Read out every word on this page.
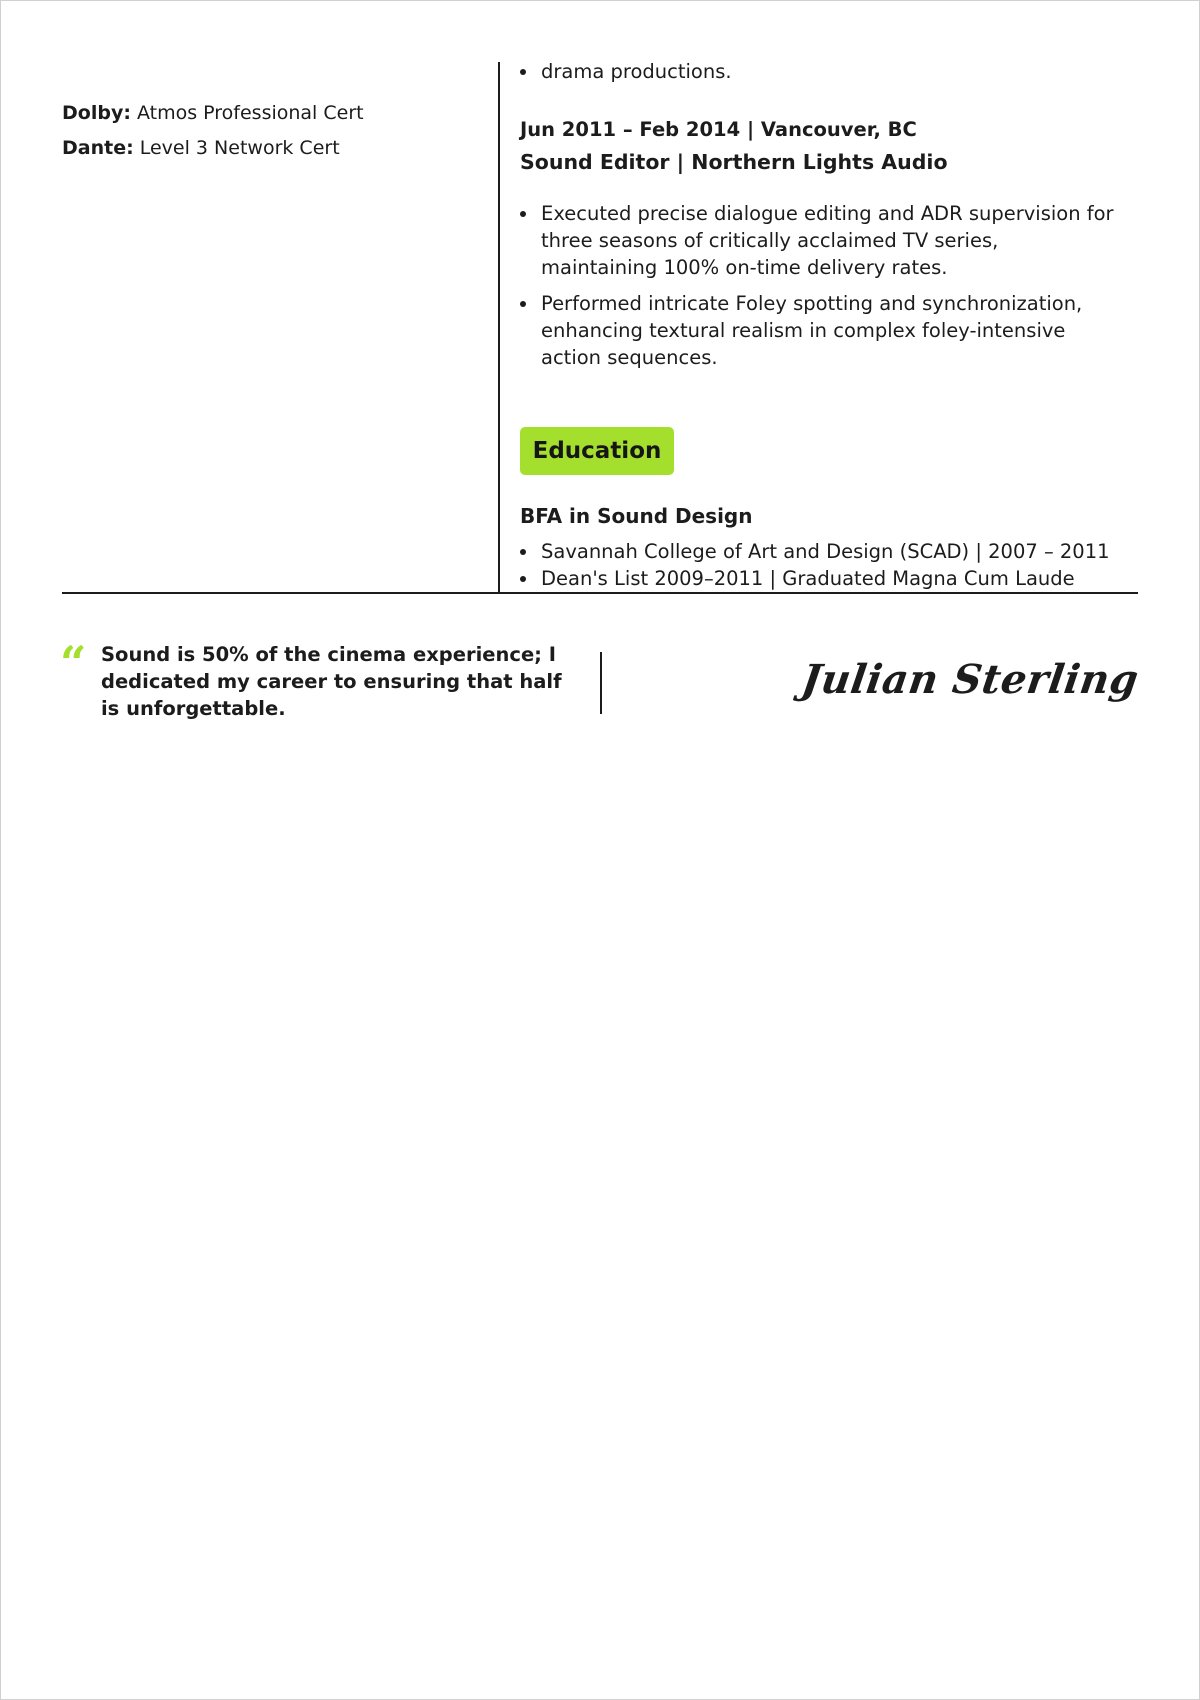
Dolby: Atmos Professional Cert
Dante: Level 3 Network Cert
drama productions.
Jun 2011 – Feb 2014 | Vancouver, BC
Sound Editor | Northern Lights Audio
Executed precise dialogue editing and ADR supervision for three seasons of critically acclaimed TV series, maintaining 100% on-time delivery rates.
Performed intricate Foley spotting and synchronization, enhancing textural realism in complex foley-intensive action sequences.
Education
BFA in Sound Design
Savannah College of Art and Design (SCAD) | 2007 – 2011
Dean's List 2009–2011 | Graduated Magna Cum Laude
“ Sound is 50% of the cinema experience; I dedicated my career to ensuring that half is unforgettable.
Julian Sterling
